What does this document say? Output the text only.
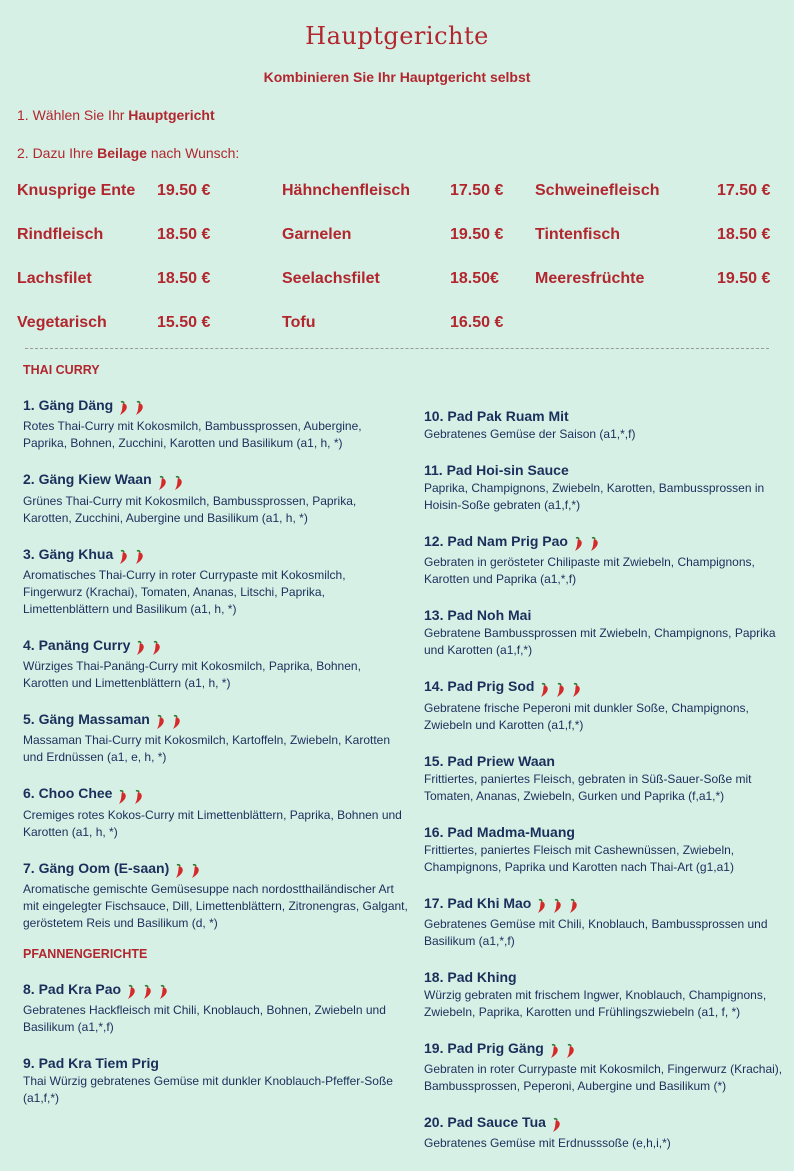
Hauptgerichte
Kombinieren Sie Ihr Hauptgericht selbst
1. Wählen Sie Ihr Hauptgericht
2. Dazu Ihre Beilage nach Wunsch:
Knusprige Ente 19.50 €	Hähnchenfleisch 17.50 € Schweinefleisch	17.50 €
Rindfleisch	18.50 €	Garnelen	19.50 € Tintenfisch	18.50 €
Lachsfilet	18.50 €	Seelachsfilet	18.50€ Meeresfrüchte	19.50 €
Vegetarisch	15.50 €	Tofu	16.50 €
THAI CURRY
1. Gäng Däng
Rotes Thai-Curry mit Kokosmilch, Bambussprossen, Aubergine, Paprika, Bohnen, Zucchini, Karotten und Basilikum (a1, h, *)
2. Gäng Kiew Waan
Grünes Thai-Curry mit Kokosmilch, Bambussprossen, Paprika, Karotten, Zucchini, Aubergine und Basilikum (a1, h, *)
3. Gäng Khua
Aromatisches Thai-Curry in roter Currypaste mit Kokosmilch, Fingerwurz (Krachai), Tomaten, Ananas, Litschi, Paprika, Limettenblättern und Basilikum (a1, h, *)
4. Panäng Curry
Würziges Thai-Panäng-Curry mit Kokosmilch, Paprika, Bohnen, Karotten und Limettenblättern (a1, h, *)
5. Gäng Massaman
Massaman Thai-Curry mit Kokosmilch, Kartoffeln, Zwiebeln, Karotten und Erdnüssen (a1, e, h, *)
6. Choo Chee
Cremiges rotes Kokos-Curry mit Limettenblättern, Paprika, Bohnen und Karotten (a1, h, *)
7. Gäng Oom (E-saan)
Aromatische gemischte Gemüsesuppe nach nordostthailändischer Art mit eingelegter Fischsauce, Dill, Limettenblättern, Zitronengras, Galgant, geröstetem Reis und Basilikum (d, *)
PFANNENGERICHTE
8. Pad Kra Pao
Gebratenes Hackfleisch mit Chili, Knoblauch, Bohnen, Zwiebeln und Basilikum (a1,*,f)
9. Pad Kra Tiem Prig
Thai Würzig gebratenes Gemüse mit dunkler Knoblauch-Pfeffer-Soße (a1,f,*)
10. Pad Pak Ruam Mit
Gebratenes Gemüse der Saison (a1,*,f)
11. Pad Hoi-sin Sauce
Paprika, Champignons, Zwiebeln, Karotten, Bambussprossen in Hoisin-Soße gebraten (a1,f,*)
12. Pad Nam Prig Pao
Gebraten in gerösteter Chilipaste mit Zwiebeln, Champignons, Karotten und Paprika (a1,*,f)
13. Pad Noh Mai
Gebratene Bambussprossen mit Zwiebeln, Champignons, Paprika und Karotten (a1,f,*)
14. Pad Prig Sod
Gebratene frische Peperoni mit dunkler Soße, Champignons, Zwiebeln und Karotten (a1,f,*)
15. Pad Priew Waan
Frittiertes, paniertes Fleisch, gebraten in Süß-Sauer-Soße mit Tomaten, Ananas, Zwiebeln, Gurken und Paprika (f,a1,*)
16. Pad Madma-Muang
Frittiertes, paniertes Fleisch mit Cashewnüssen, Zwiebeln, Champignons, Paprika und Karotten nach Thai-Art (g1,a1)
17. Pad Khi Mao
Gebratenes Gemüse mit Chili, Knoblauch, Bambussprossen und Basilikum (a1,*,f)
18. Pad Khing
Würzig gebraten mit frischem Ingwer, Knoblauch, Champignons, Zwiebeln, Paprika, Karotten und Frühlingszwiebeln (a1, f, *)
19. Pad Prig Gäng
Gebraten in roter Currypaste mit Kokosmilch, Fingerwurz (Krachai), Bambussprossen, Peperoni, Aubergine und Basilikum (*)
20. Pad Sauce Tua
Gebratenes Gemüse mit Erdnusssoße (e,h,i,*)
